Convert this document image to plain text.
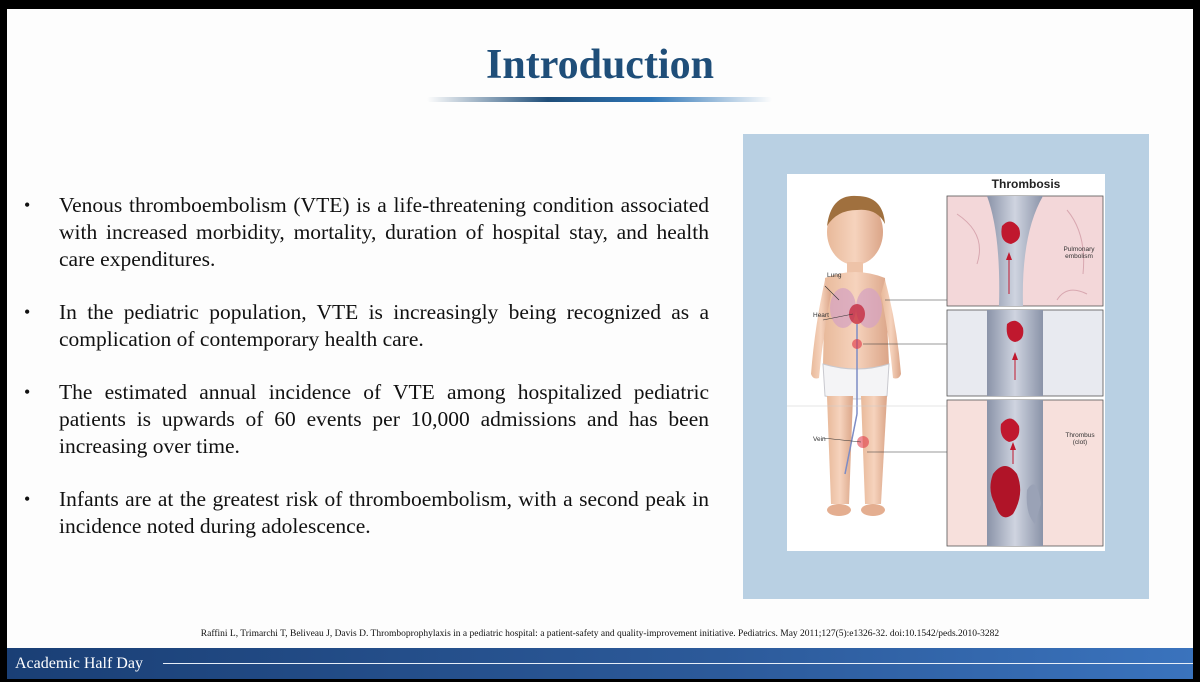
Introduction
• Venous thromboembolism (VTE) is a life-threatening condition associated with increased morbidity, mortality, duration of hospital stay, and health care expenditures.
• In the pediatric population, VTE is increasingly being recognized as a complication of contemporary health care.
• The estimated annual incidence of VTE among hospitalized pediatric patients is upwards of 60 events per 10,000 admissions and has been increasing over time.
• Infants are at the greatest risk of thromboembolism, with a second peak in incidence noted during adolescence.
Thrombosis
Lung
Heart
Vein
Pulmonary embolism
Thrombus (clot)
Raffini L, Trimarchi T, Beliveau J, Davis D. Thromboprophylaxis in a pediatric hospital: a patient-safety and quality-improvement initiative. Pediatrics. May 2011;127(5):e1326-32. doi:10.1542/peds.2010-3282
Academic Half Day
